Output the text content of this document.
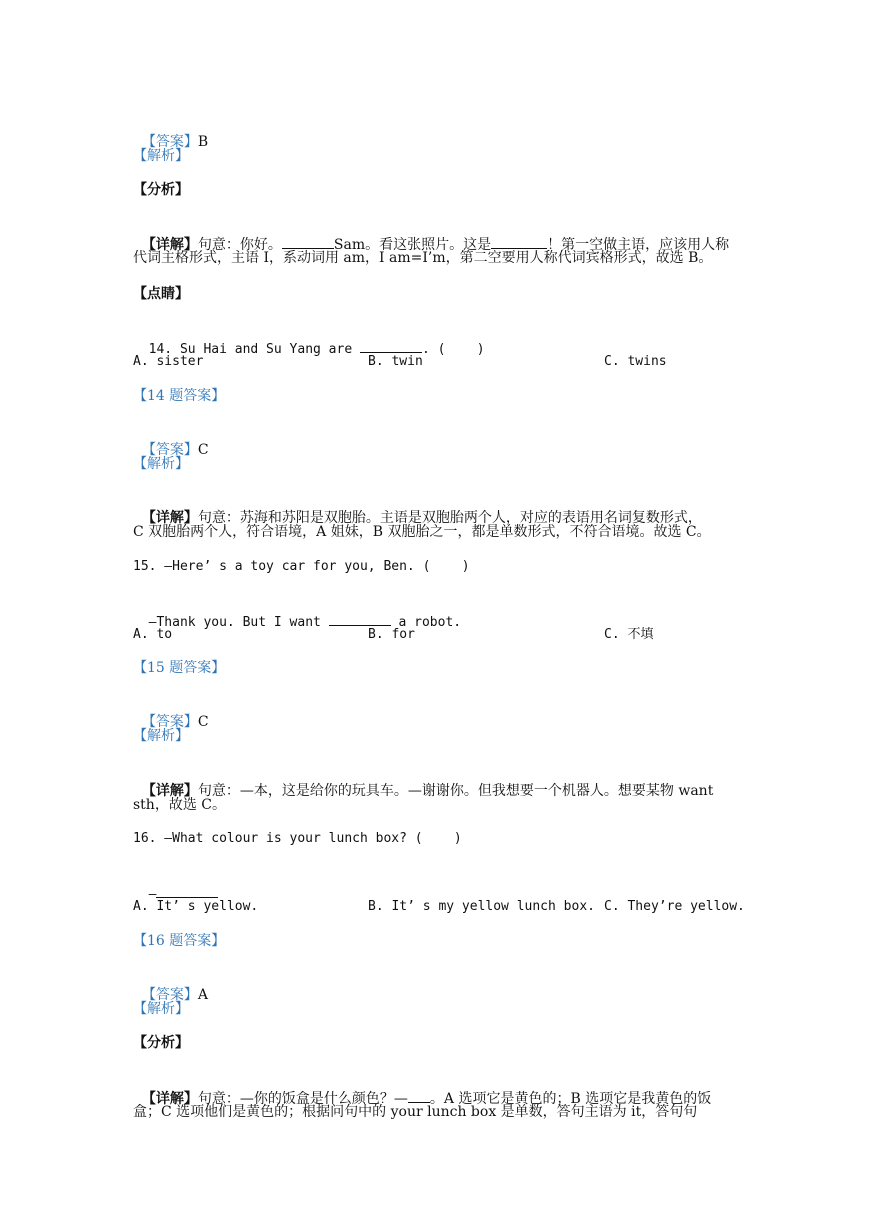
【答案】B

【解析】
【分析】

【详解】句意：你好。	Sam。看这张照片。这是	！第一空做主语，应该用人称

代词主格形式，主语 I，系动词用 am，I am=I’m，第二空要用人称代词宾格形式，故选 B。
【点睛】

14. Su Hai and Su Yang are	. (    )

A. sister	B. twin	C. twins
【14 题答案】

【答案】C

【解析】

【详解】句意：苏海和苏阳是双胞胎。主语是双胞胎两个人，对应的表语用名词复数形式，

C 双胞胎两个人，符合语境，A 姐妹，B 双胞胎之一，都是单数形式，不符合语境。故选 C。
15. —Here’ s a toy car for you, Ben. (    )

—Thank you. But I want	a robot.

A. to	B. for	C. 不填
【15 题答案】

【答案】C

【解析】

【详解】句意：—本，这是给你的玩具车。—谢谢你。但我想要一个机器人。想要某物 want

sth，故选 C。
16. —What colour is your lunch box? (    )

—

A. It’ s yellow.	B. It’ s my yellow lunch box. C. They’re yellow.
【16 题答案】

【答案】A

【解析】
【分析】

【详解】句意：—你的饭盒是什么颜色？— 。A 选项它是黄色的；B 选项它是我黄色的饭

盒；C 选项他们是黄色的；根据问句中的 your lunch box 是单数，答句主语为 it，答句句
